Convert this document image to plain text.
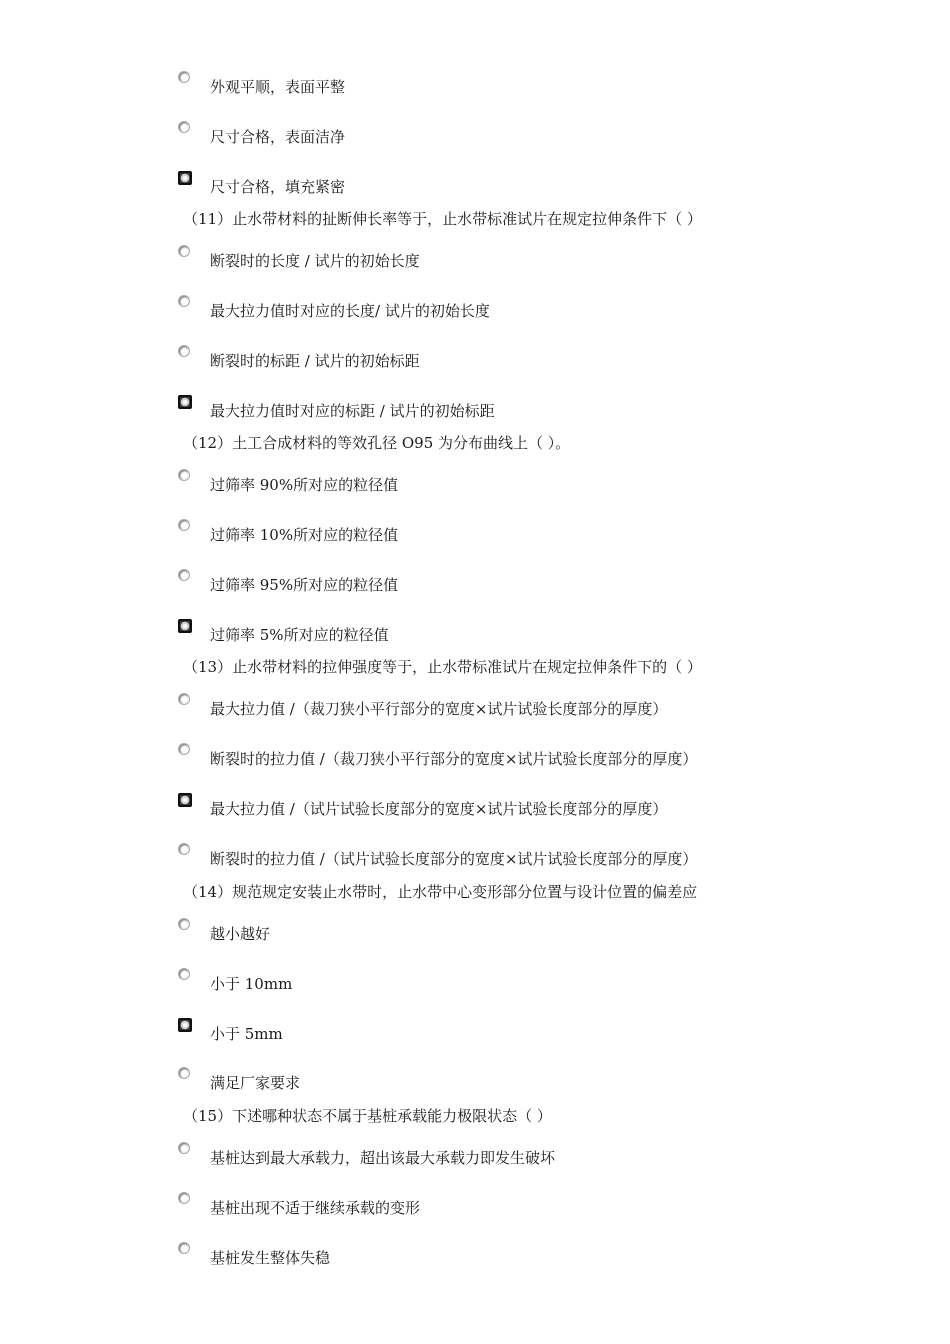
外观平顺，表面平整
尺寸合格，表面洁净
尺寸合格，填充紧密
（11）止水带材料的扯断伸长率等于，止水带标准试片在规定拉伸条件下（ ）
断裂时的长度 / 试片的初始长度
最大拉力值时对应的长度/ 试片的初始长度
断裂时的标距 / 试片的初始标距
最大拉力值时对应的标距 / 试片的初始标距
（12）土工合成材料的等效孔径 O95 为分布曲线上（ ）。
过筛率 90%所对应的粒径值
过筛率 10%所对应的粒径值
过筛率 95%所对应的粒径值
过筛率 5%所对应的粒径值
（13）止水带材料的拉伸强度等于，止水带标准试片在规定拉伸条件下的（ ）
最大拉力值 /（裁刀狭小平行部分的宽度×试片试验长度部分的厚度）
断裂时的拉力值 /（裁刀狭小平行部分的宽度×试片试验长度部分的厚度）
最大拉力值 /（试片试验长度部分的宽度×试片试验长度部分的厚度）
断裂时的拉力值 /（试片试验长度部分的宽度×试片试验长度部分的厚度）
（14）规范规定安装止水带时，止水带中心变形部分位置与设计位置的偏差应
越小越好
小于 10mm
小于 5mm
满足厂家要求
（15）下述哪种状态不属于基桩承载能力极限状态（ ）
基桩达到最大承载力，超出该最大承载力即发生破坏
基桩出现不适于继续承载的变形
基桩发生整体失稳
